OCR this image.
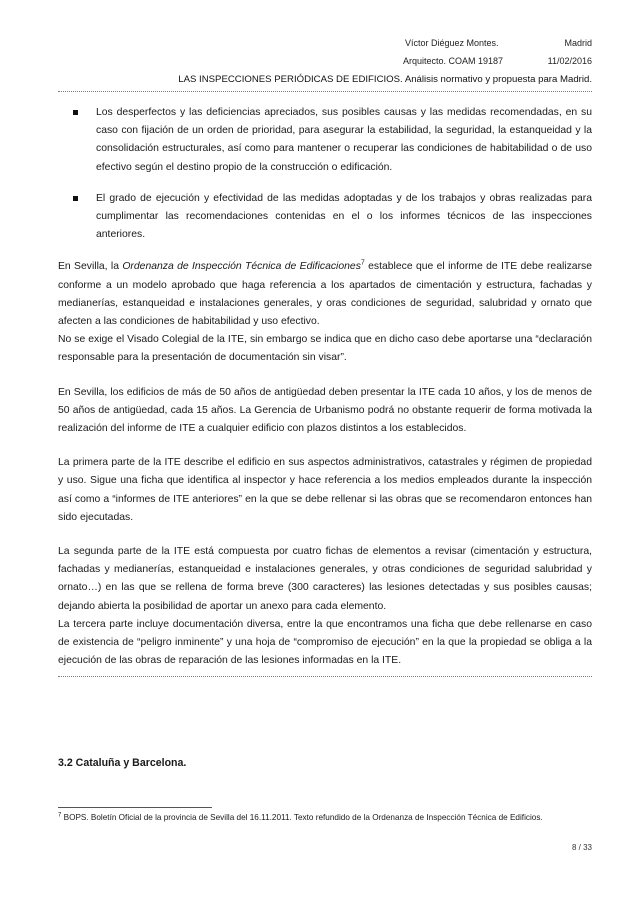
Víctor Diéguez Montes.	Madrid
Arquitecto. COAM 19187	11/02/2016
LAS INSPECCIONES PERIÓDICAS DE EDIFICIOS. Análisis normativo y propuesta para Madrid.
Los desperfectos y las deficiencias apreciados, sus posibles causas y las medidas recomendadas, en su caso con fijación de un orden de prioridad, para asegurar la estabilidad, la seguridad, la estanqueidad y la consolidación estructurales, así como para mantener o recuperar las condiciones de habitabilidad o de uso efectivo según el destino propio de la construcción o edificación.
El grado de ejecución y efectividad de las medidas adoptadas y de los trabajos y obras realizadas para cumplimentar las recomendaciones contenidas en el o los informes técnicos de las inspecciones anteriores.

En Sevilla, la Ordenanza de Inspección Técnica de Edificaciones$^7$ establece que el informe de ITE debe realizarse conforme a un modelo aprobado que haga referencia a los apartados de cimentación y estructura, fachadas y medianerías, estanqueidad e instalaciones generales, y oras condiciones de seguridad, salubridad y ornato que afecten a las condiciones de habitabilidad y uso efectivo.

No se exige el Visado Colegial de la ITE, sin embargo se indica que en dicho caso debe aportarse una “declaración responsable para la presentación de documentación sin visar”.

En Sevilla, los edificios de más de 50 años de antigüedad deben presentar la ITE cada 10 años, y los de menos de 50 años de antigüedad, cada 15 años. La Gerencia de Urbanismo podrá no obstante requerir de forma motivada la realización del informe de ITE a cualquier edificio con plazos distintos a los establecidos.

La primera parte de la ITE describe el edificio en sus aspectos administrativos, catastrales y régimen de propiedad y uso. Sigue una ficha que identifica al inspector y hace referencia a los medios empleados durante la inspección así como a “informes de ITE anteriores” en la que se debe rellenar si las obras que se recomendaron entonces han sido ejecutadas.

La segunda parte de la ITE está compuesta por cuatro fichas de elementos a revisar (cimentación y estructura, fachadas y medianerías, estanqueidad e instalaciones generales, y otras condiciones de seguridad salubridad y ornato…) en las que se rellena de forma breve (300 caracteres) las lesiones detectadas y sus posibles causas; dejando abierta la posibilidad de aportar un anexo para cada elemento.

La tercera parte incluye documentación diversa, entre la que encontramos una ficha que debe rellenarse en caso de existencia de “peligro inminente” y una hoja de “compromiso de ejecución” en la que la propiedad se obliga a la ejecución de las obras de reparación de las lesiones informadas en la ITE.

3.2 Cataluña y Barcelona.
$^7$ BOPS. Boletín Oficial de la provincia de Sevilla del 16.11.2011. Texto refundido de la Ordenanza de Inspección Técnica de Edificios.
8 / 33
